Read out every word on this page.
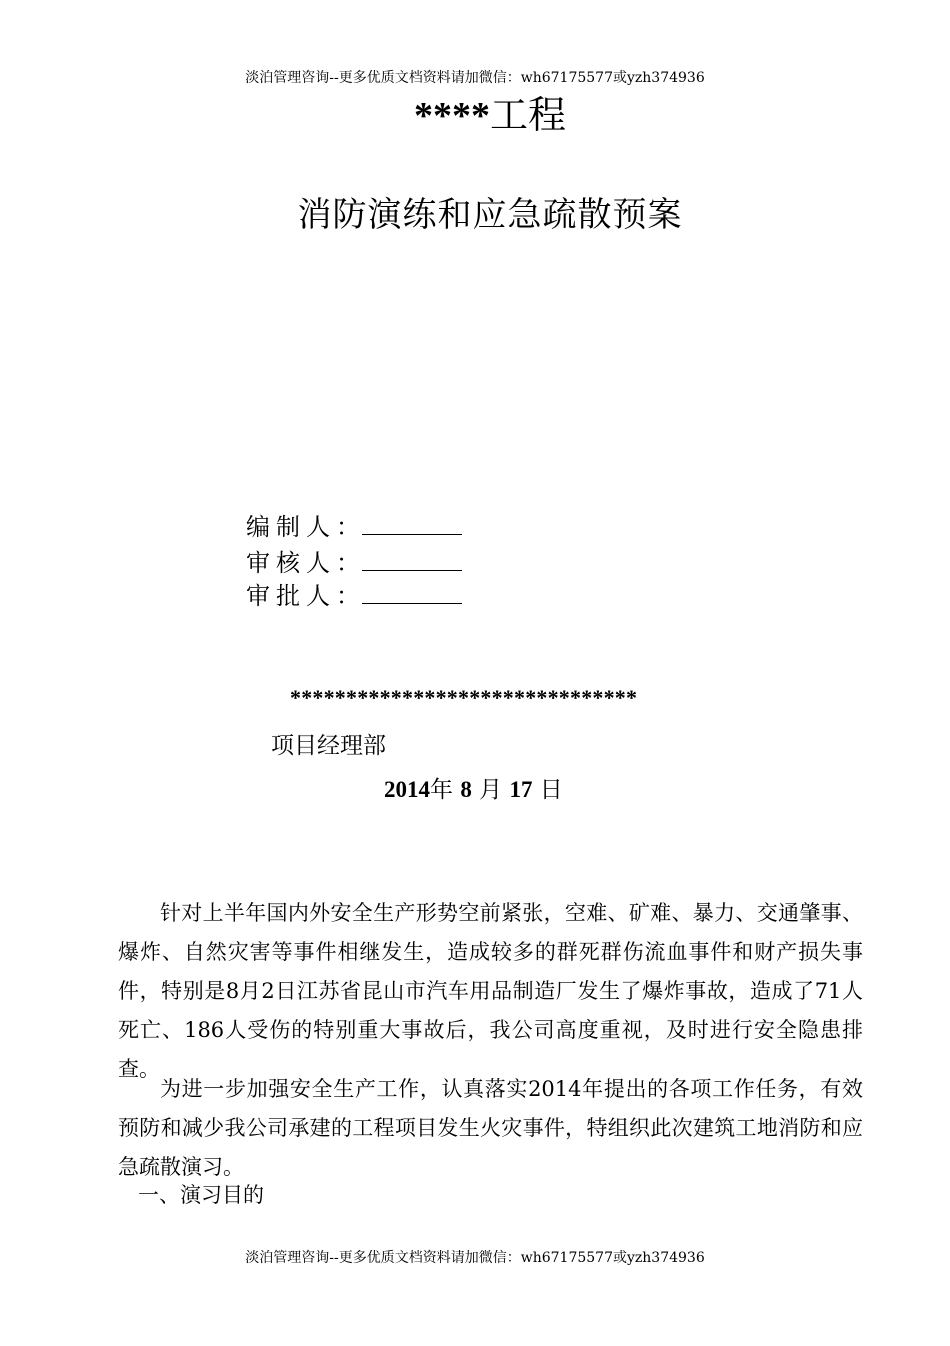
淡泊管理咨询--更多优质文档资料请加微信：wh67175577或yzh374936
****工程
消防演练和应急疏散预案
编制人：
审核人：
审批人：
*******************************
项目经理部
2014年 8 月 17 日
针对上半年国内外安全生产形势空前紧张，空难、矿难、暴力、交通肇事、爆炸、自然灾害等事件相继发生，造成较多的群死群伤流血事件和财产损失事件，特别是8月2日江苏省昆山市汽车用品制造厂发生了爆炸事故，造成了71人死亡、186人受伤的特别重大事故后，我公司高度重视，及时进行安全隐患排查。
为进一步加强安全生产工作，认真落实2014年提出的各项工作任务，有效预防和减少我公司承建的工程项目发生火灾事件，特组织此次建筑工地消防和应急疏散演习。
一、演习目的
淡泊管理咨询--更多优质文档资料请加微信：wh67175577或yzh374936
